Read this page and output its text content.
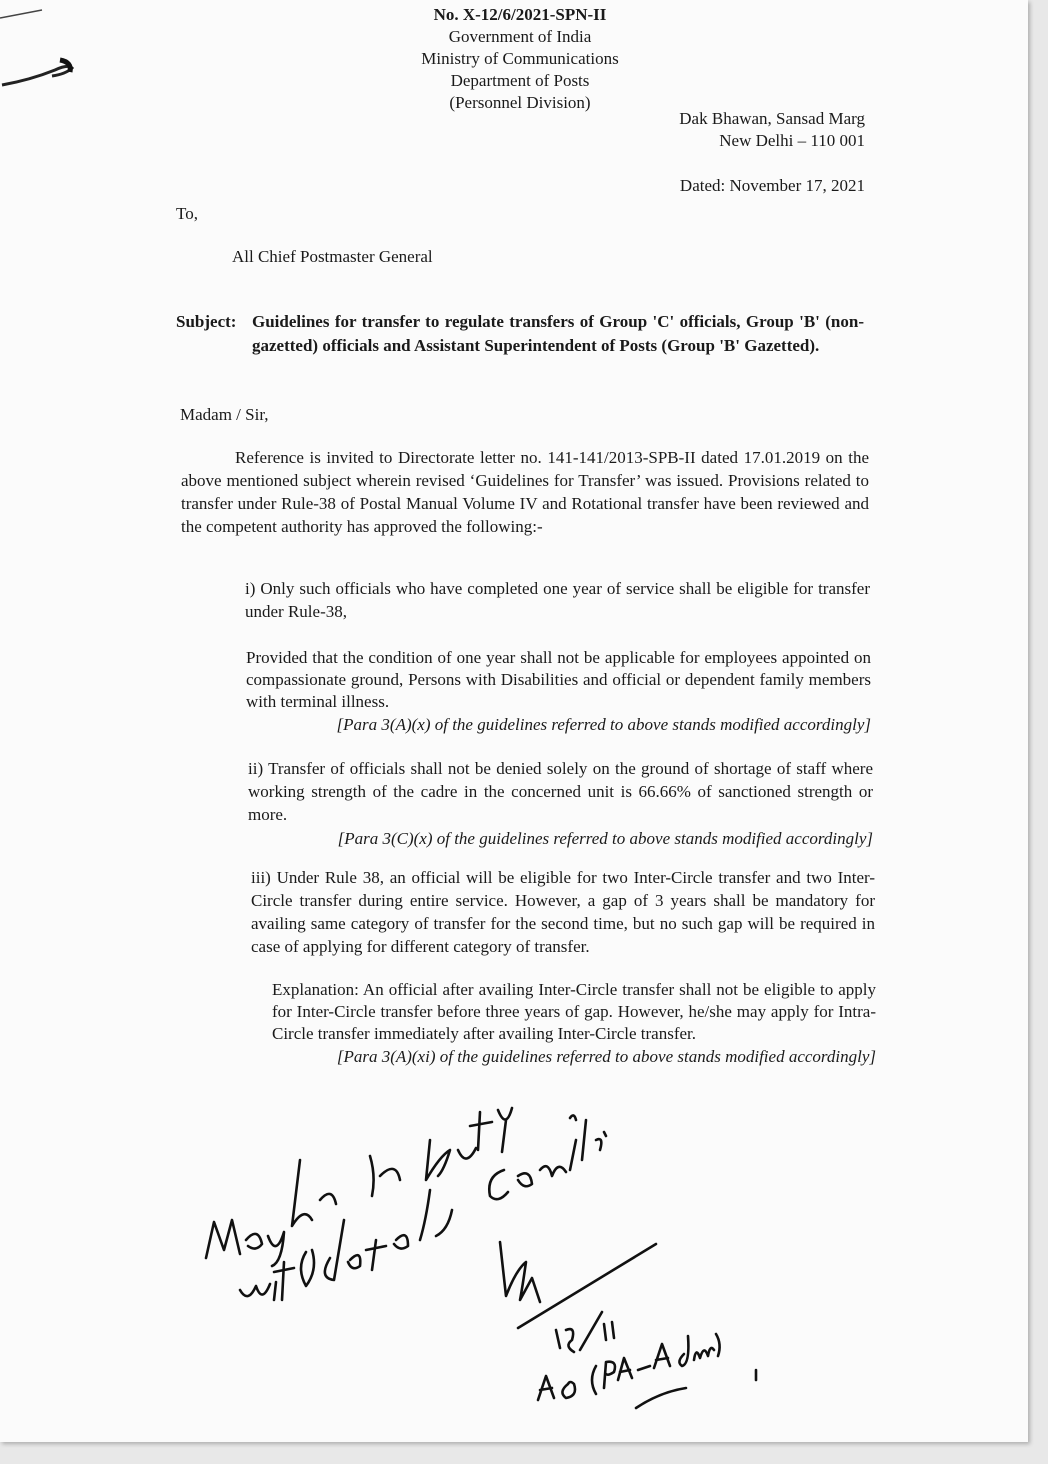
No. X-12/6/2021-SPN-II
Government of India
Ministry of Communications
Department of Posts
(Personnel Division)
Dak Bhawan, Sansad Marg
New Delhi – 110 001
Dated: November 17, 2021
To,
All Chief Postmaster General
Subject: Guidelines for transfer to regulate transfers of Group 'C' officials, Group 'B' (non-gazetted) officials and Assistant Superintendent of Posts (Group 'B' Gazetted).
Madam / Sir,

Reference is invited to Directorate letter no. 141-141/2013-SPB-II dated 17.01.2019 on the above mentioned subject wherein revised ‘Guidelines for Transfer’ was issued. Provisions related to transfer under Rule-38 of Postal Manual Volume IV and Rotational transfer have been reviewed and the competent authority has approved the following:-

i) Only such officials who have completed one year of service shall be eligible for transfer under Rule-38,

Provided that the condition of one year shall not be applicable for employees appointed on compassionate ground, Persons with Disabilities and official or dependent family members with terminal illness.
[Para 3(A)(x) of the guidelines referred to above stands modified accordingly]
ii) Transfer of officials shall not be denied solely on the ground of shortage of staff where working strength of the cadre in the concerned unit is 66.66% of sanctioned strength or more.
[Para 3(C)(x) of the guidelines referred to above stands modified accordingly]

iii) Under Rule 38, an official will be eligible for two Inter-Circle transfer and two Inter-Circle transfer during entire service. However, a gap of 3 years shall be mandatory for availing same category of transfer for the second time, but no such gap will be required in case of applying for different category of transfer.

Explanation: An official after availing Inter-Circle transfer shall not be eligible to apply for Inter-Circle transfer before three years of gap. However, he/she may apply for Intra-Circle transfer immediately after availing Inter-Circle transfer.
[Para 3(A)(xi) of the guidelines referred to above stands modified accordingly]
